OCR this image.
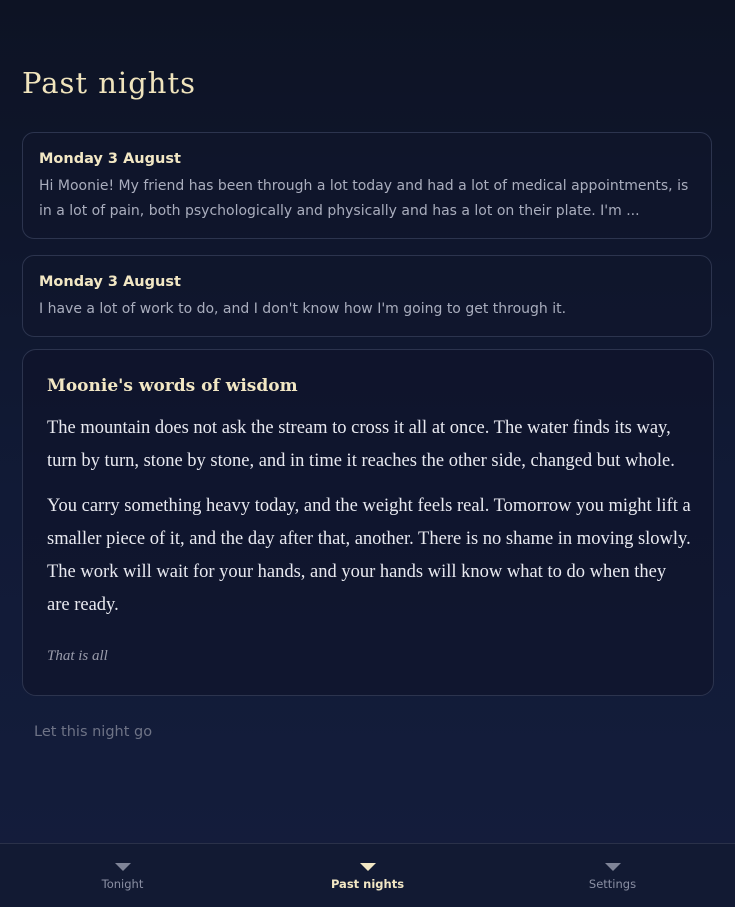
Past nights
Monday 3 August
Hi Moonie! My friend has been through a lot today and had a lot of medical appointments, is in a lot of pain, both psychologically and physically and has a lot on their plate. I'm ...
Monday 3 August
I have a lot of work to do, and I don't know how I'm going to get through it.
Moonie's words of wisdom

The mountain does not ask the stream to cross it all at once. The water finds its way, turn by turn, stone by stone, and in time it reaches the other side, changed but whole.

You carry something heavy today, and the weight feels real. Tomorrow you might lift a smaller piece of it, and the day after that, another. There is no shame in moving slowly. The work will wait for your hands, and your hands will know what to do when they are ready.

That is all
Let this night go
Tonight	Past nights	Settings
